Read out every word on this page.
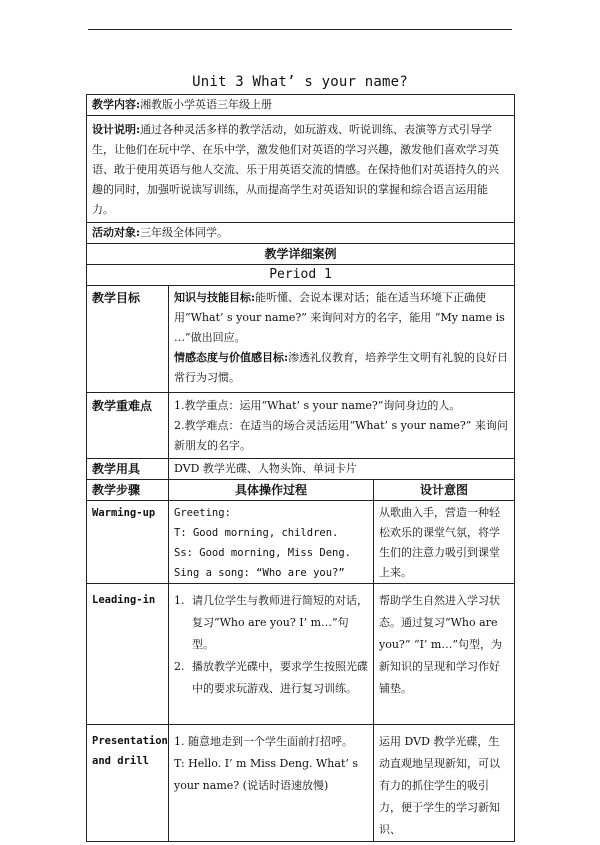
Unit 3 What’ s your name?
教学内容:湘教版小学英语三年级上册		

设计说明:通过各种灵活多样的教学活动，如玩游戏、听说训练、表演等方式引导学生，让他们在玩中学、在乐中学，激发他们对英语的学习兴趣，激发他们喜欢学习英语、敢于使用英语与他人交流、乐于用英语交流的情感。在保持他们对英语持久的兴趣的同时，加强听说读写训练，从而提高学生对英语知识的掌握和综合语言运用能力。		

活动对象:三年级全体同学。		
教学详细案例		
Period 1		
教学目标	知识与技能目标:能听懂、会说本课对话；能在适当环境下正确使用“What’ s your name?” 来询问对方的名字，能用 “My name is …”做出回应。

情感态度与价值感目标:渗透礼仪教育，培养学生文明有礼貌的良好日常行为习惯。	

教学重难点	1.教学重点：运用“What’ s your name?”询问身边的人。

2.教学难点：在适当的场合灵活运用“What’ s your name?” 来询问新朋友的名字。	

教学用具	DVD 教学光碟、人物头饰、单词卡片	
教学步骤	具体操作过程	设计意图
Warming-up	Greeting:

T: Good morning, children.

Ss: Good morning, Miss Deng.

Sing a song: “Who are you?”	从歌曲入手，营造一种轻松欢乐的课堂气氛，将学生们的注意力吸引到课堂上来。
Leading-in	1. 请几位学生与教师进行简短的对话，复习“Who are you? I’ m…”句型。
2. 播放教学光碟中，要求学生按照光碟中的要求玩游戏、进行复习训练。	帮助学生自然进入学习状态。通过复习“Who are you?” “I’ m…”句型，为新知识的呈现和学习作好铺垫。
Presentation and drill	1. 随意地走到一个学生面前打招呼。

T: Hello. I’ m Miss Deng. What’ s your name? (说话时语速放慢)	运用 DVD 教学光碟，生动直观地呈现新知，可以有力的抓住学生的吸引力，便于学生的学习新知识、
